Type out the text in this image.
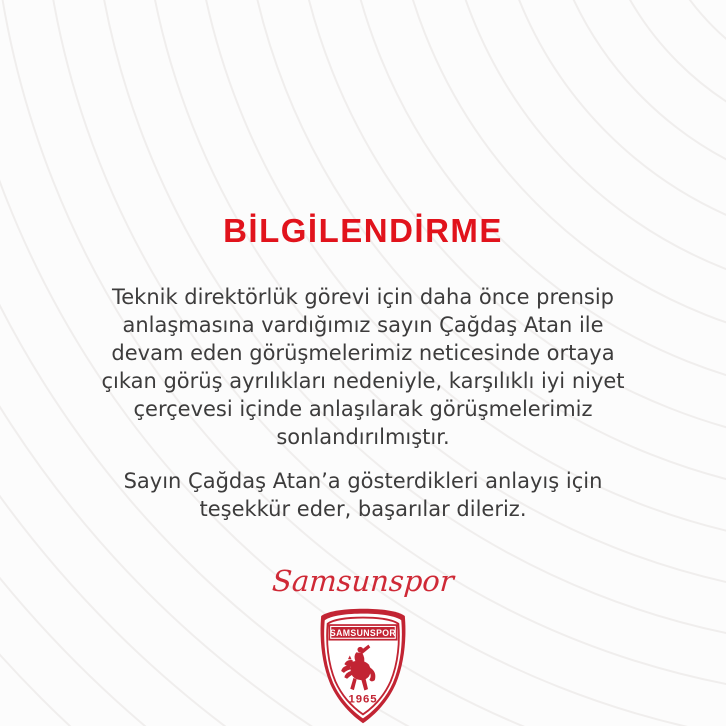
BİLGİLENDİRME
Teknik direktörlük görevi için daha önce prensip
anlaşmasına vardığımız sayın Çağdaş Atan ile
devam eden görüşmelerimiz neticesinde ortaya
çıkan görüş ayrılıkları nedeniyle, karşılıklı iyi niyet
çerçevesi içinde anlaşılarak görüşmelerimiz
sonlandırılmıştır.
Sayın Çağdaş Atan’a gösterdikleri anlayış için
teşekkür eder, başarılar dileriz.
Samsunspor
SAMSUNSPOR
1965
